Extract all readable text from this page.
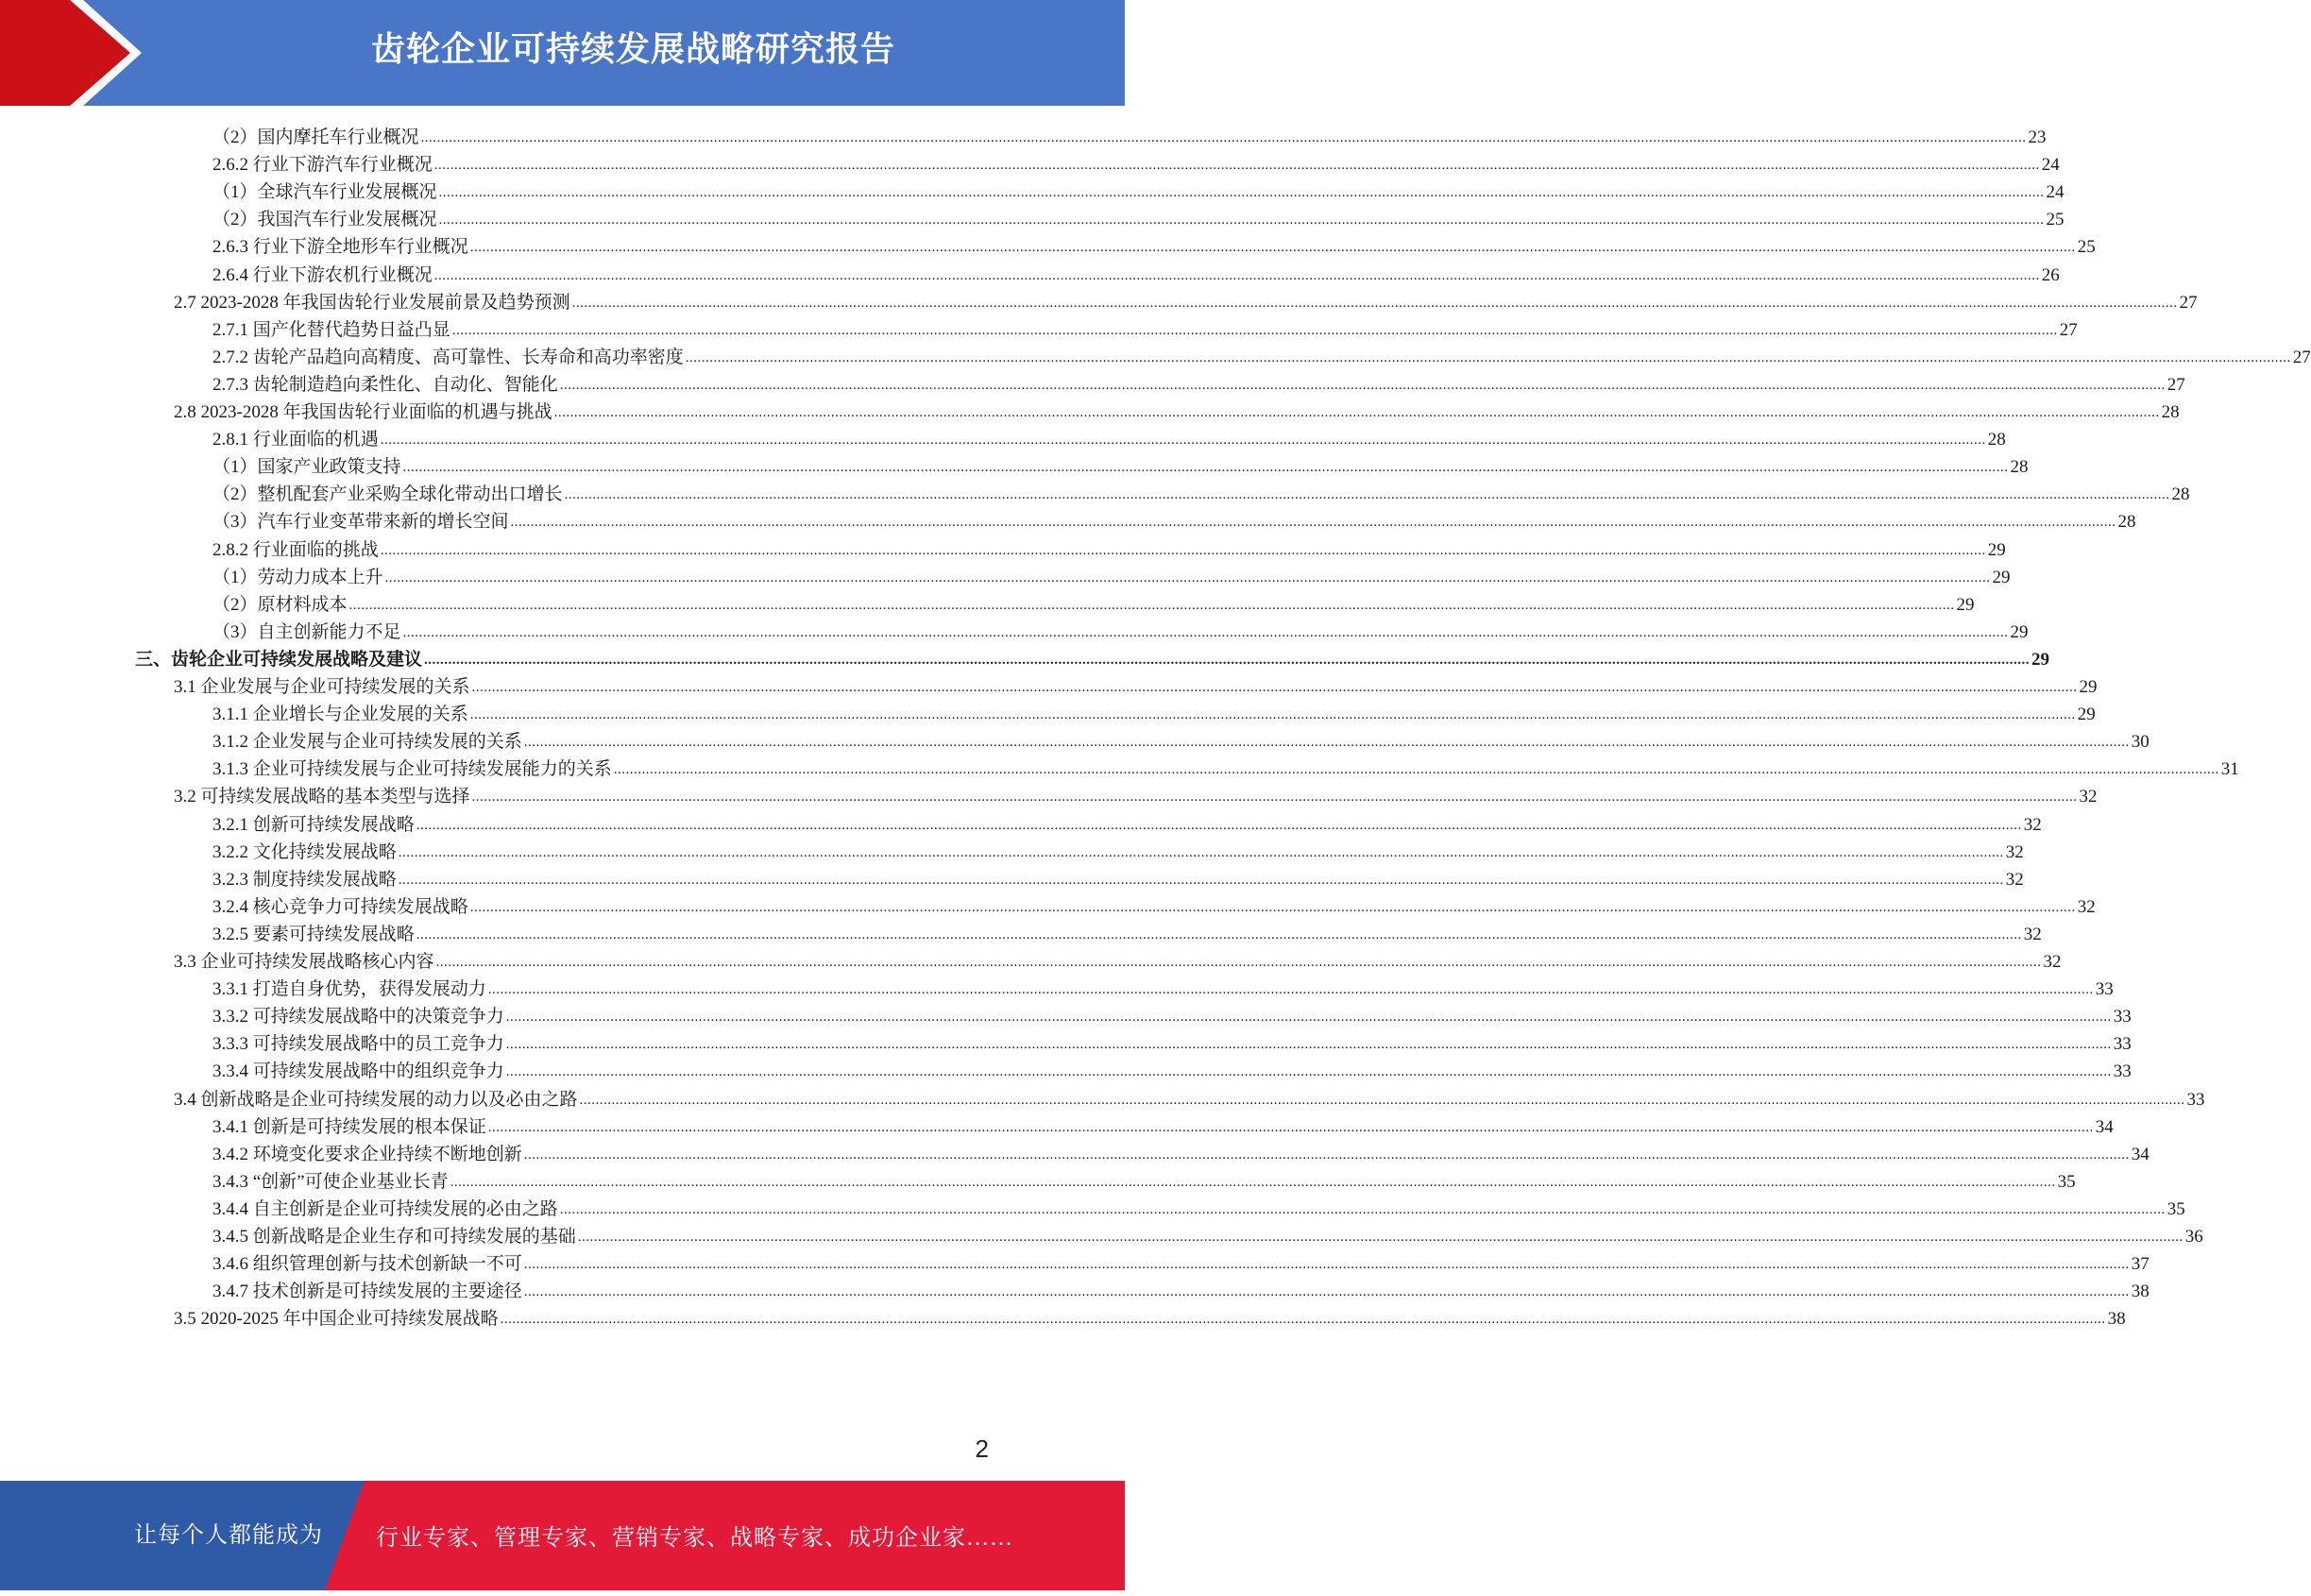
齿轮企业可持续发展战略研究报告
（2）国内摩托车行业概况 ................................................................................................................................................................................................................................................................................................................................................................................................................ 23
2.6.2 行业下游汽车行业概况 ................................................................................................................................................................................................................................................................................................................................................................................................................ 24
（1）全球汽车行业发展概况 ................................................................................................................................................................................................................................................................................................................................................................................................................ 24
（2）我国汽车行业发展概况 ................................................................................................................................................................................................................................................................................................................................................................................................................ 25
2.6.3 行业下游全地形车行业概况 ................................................................................................................................................................................................................................................................................................................................................................................................................ 25
2.6.4 行业下游农机行业概况 ................................................................................................................................................................................................................................................................................................................................................................................................................ 26
2.7 2023-2028 年我国齿轮行业发展前景及趋势预测 ................................................................................................................................................................................................................................................................................................................................................................................................................ 27
2.7.1 国产化替代趋势日益凸显 ................................................................................................................................................................................................................................................................................................................................................................................................................ 27
2.7.2 齿轮产品趋向高精度、高可靠性、长寿命和高功率密度 ................................................................................................................................................................................................................................................................................................................................................................................................................ 27
2.7.3 齿轮制造趋向柔性化、自动化、智能化 ................................................................................................................................................................................................................................................................................................................................................................................................................ 27
2.8 2023-2028 年我国齿轮行业面临的机遇与挑战 ................................................................................................................................................................................................................................................................................................................................................................................................................ 28
2.8.1 行业面临的机遇 ................................................................................................................................................................................................................................................................................................................................................................................................................ 28
（1）国家产业政策支持 ................................................................................................................................................................................................................................................................................................................................................................................................................ 28
（2）整机配套产业采购全球化带动出口增长 ................................................................................................................................................................................................................................................................................................................................................................................................................ 28
（3）汽车行业变革带来新的增长空间 ................................................................................................................................................................................................................................................................................................................................................................................................................ 28
2.8.2 行业面临的挑战 ................................................................................................................................................................................................................................................................................................................................................................................................................ 29
（1）劳动力成本上升 ................................................................................................................................................................................................................................................................................................................................................................................................................ 29
（2）原材料成本 ................................................................................................................................................................................................................................................................................................................................................................................................................ 29
（3）自主创新能力不足 ................................................................................................................................................................................................................................................................................................................................................................................................................ 29
三、齿轮企业可持续发展战略及建议 ................................................................................................................................................................................................................................................................................................................................................................................................................ 29
3.1 企业发展与企业可持续发展的关系 ................................................................................................................................................................................................................................................................................................................................................................................................................ 29
3.1.1 企业增长与企业发展的关系 ................................................................................................................................................................................................................................................................................................................................................................................................................ 29
3.1.2 企业发展与企业可持续发展的关系 ................................................................................................................................................................................................................................................................................................................................................................................................................ 30
3.1.3 企业可持续发展与企业可持续发展能力的关系 ................................................................................................................................................................................................................................................................................................................................................................................................................ 31
3.2 可持续发展战略的基本类型与选择 ................................................................................................................................................................................................................................................................................................................................................................................................................ 32
3.2.1 创新可持续发展战略 ................................................................................................................................................................................................................................................................................................................................................................................................................ 32
3.2.2 文化持续发展战略 ................................................................................................................................................................................................................................................................................................................................................................................................................ 32
3.2.3 制度持续发展战略 ................................................................................................................................................................................................................................................................................................................................................................................................................ 32
3.2.4 核心竞争力可持续发展战略 ................................................................................................................................................................................................................................................................................................................................................................................................................ 32
3.2.5 要素可持续发展战略 ................................................................................................................................................................................................................................................................................................................................................................................................................ 32
3.3 企业可持续发展战略核心内容 ................................................................................................................................................................................................................................................................................................................................................................................................................ 32
3.3.1 打造自身优势，获得发展动力 ................................................................................................................................................................................................................................................................................................................................................................................................................ 33
3.3.2 可持续发展战略中的决策竞争力 ................................................................................................................................................................................................................................................................................................................................................................................................................ 33
3.3.3 可持续发展战略中的员工竞争力 ................................................................................................................................................................................................................................................................................................................................................................................................................ 33
3.3.4 可持续发展战略中的组织竞争力 ................................................................................................................................................................................................................................................................................................................................................................................................................ 33
3.4 创新战略是企业可持续发展的动力以及必由之路 ................................................................................................................................................................................................................................................................................................................................................................................................................ 33
3.4.1 创新是可持续发展的根本保证 ................................................................................................................................................................................................................................................................................................................................................................................................................ 34
3.4.2 环境变化要求企业持续不断地创新 ................................................................................................................................................................................................................................................................................................................................................................................................................ 34
3.4.3 “创新”可使企业基业长青 ................................................................................................................................................................................................................................................................................................................................................................................................................ 35
3.4.4 自主创新是企业可持续发展的必由之路 ................................................................................................................................................................................................................................................................................................................................................................................................................ 35
3.4.5 创新战略是企业生存和可持续发展的基础 ................................................................................................................................................................................................................................................................................................................................................................................................................ 36
3.4.6 组织管理创新与技术创新缺一不可 ................................................................................................................................................................................................................................................................................................................................................................................................................ 37
3.4.7 技术创新是可持续发展的主要途径 ................................................................................................................................................................................................................................................................................................................................................................................................................ 38
3.5 2020-2025 年中国企业可持续发展战略 ................................................................................................................................................................................................................................................................................................................................................................................................................ 38
2
让每个人都能成为 行业专家、管理专家、营销专家、战略专家、成功企业家……
